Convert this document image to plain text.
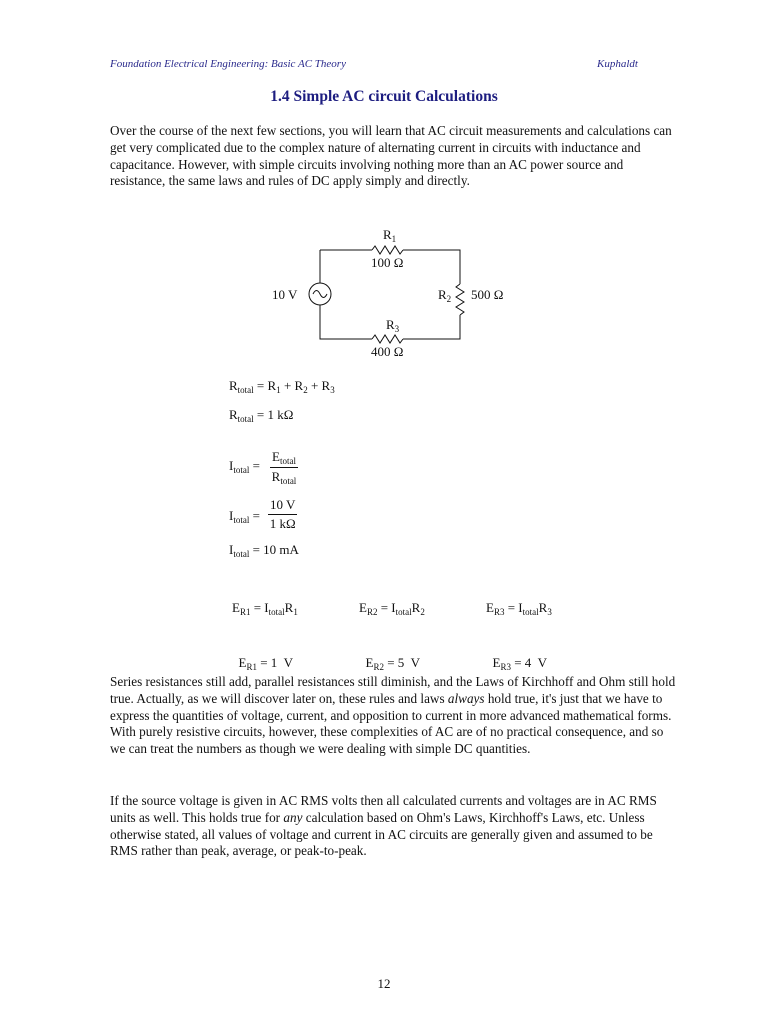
Foundation Electrical Engineering: Basic AC Theory	Kuphaldt
1.4 Simple AC circuit Calculations

Over the course of the next few sections, you will learn that AC circuit measurements and calculations can get very complicated due to the complex nature of alternating current in circuits with inductance and capacitance. However, with simple circuits involving nothing more than an AC power source and resistance, the same laws and rules of DC apply simply and directly.

$R_1$
100 Ω
10 V	$R_2$ 500 Ω
$R_3$
400 Ω
$R_{total} = R_1 + R_2 + R_3$
$R_{total} = 1$ kΩ
$I_{total}$ =
$E_{total}$
$R_{total}$
$I_{total} = \frac{10 V}{1 k\Omega}$
$I_{total} = 10$ mA
$E_{R1} = I_{total}R_1$	$E_{R2} = I_{total}R_2$	$E_{R3} = I_{total}R_3$

$E_{R1} = 1$  V	$E_{R2} = 5$  V	$E_{R3} = 4$  V

Series resistances still add, parallel resistances still diminish, and the Laws of Kirchhoff and Ohm still hold true. Actually, as we will discover later on, these rules and laws always hold true, it's just that we have to express the quantities of voltage, current, and opposition to current in more advanced mathematical forms. With purely resistive circuits, however, these complexities of AC are of no practical consequence, and so we can treat the numbers as though we were dealing with simple DC quantities.

If the source voltage is given in AC RMS volts then all calculated currents and voltages are in AC RMS units as well. This holds true for any calculation based on Ohm's Laws, Kirchhoff's Laws, etc. Unless otherwise stated, all values of voltage and current in AC circuits are generally given and assumed to be RMS rather than peak, average, or peak-to-peak.

12
